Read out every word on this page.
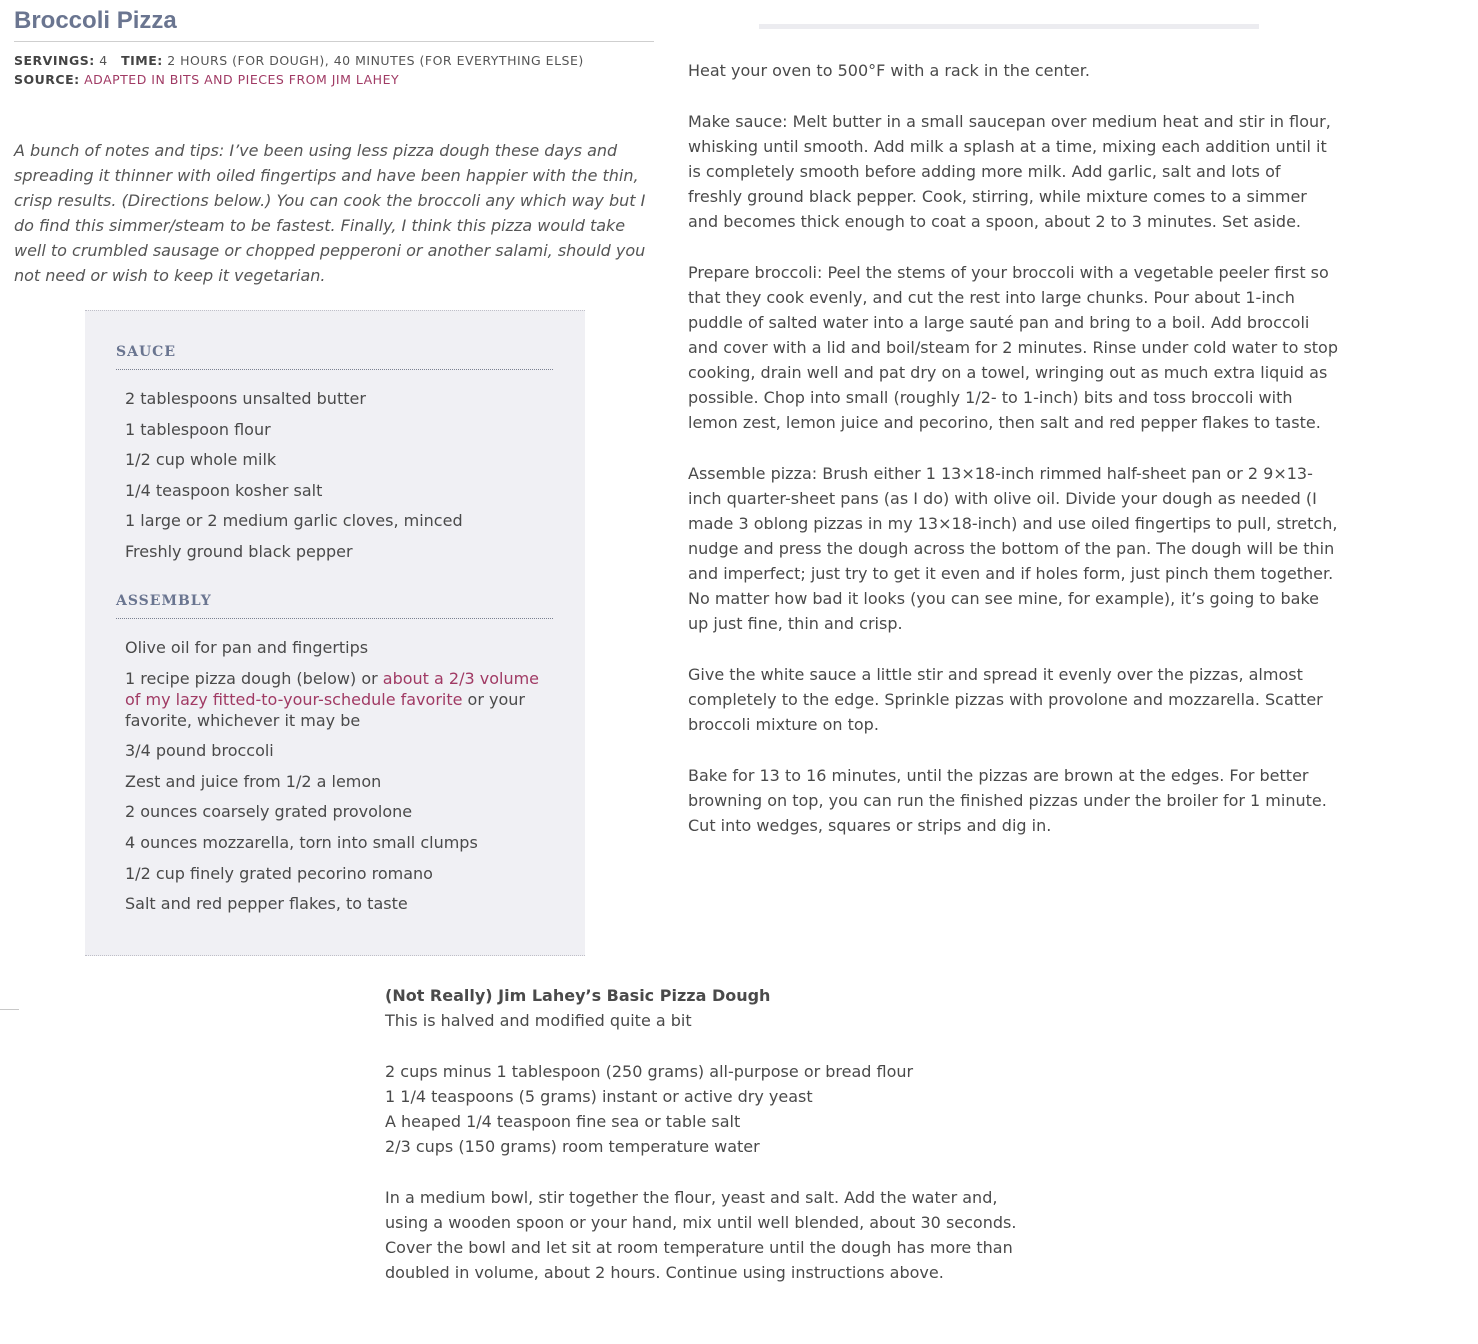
Broccoli Pizza
SERVINGS: 4 TIME: 2 HOURS (FOR DOUGH), 40 MINUTES (FOR EVERYTHING ELSE)   SOURCE: ADAPTED IN BITS AND PIECES FROM JIM LAHEY
A bunch of notes and tips: I’ve been using less pizza dough these days and spreading it thinner with oiled fingertips and have been happier with the thin, crisp results. (Directions below.) You can cook the broccoli any which way but I do find this simmer/steam to be fastest. Finally, I think this pizza would take well to crumbled sausage or chopped pepperoni or another salami, should you not need or wish to keep it vegetarian.
SAUCE
2 tablespoons unsalted butter
1 tablespoon flour
1/2 cup whole milk
1/4 teaspoon kosher salt
1 large or 2 medium garlic cloves, minced
Freshly ground black pepper
ASSEMBLY
Olive oil for pan and fingertips
1 recipe pizza dough (below) or about a 2/3 volume of my lazy fitted-to-your-schedule favorite or your favorite, whichever it may be
3/4 pound broccoli
Zest and juice from 1/2 a lemon
2 ounces coarsely grated provolone
4 ounces mozzarella, torn into small clumps
1/2 cup finely grated pecorino romano
Salt and red pepper flakes, to taste

Heat your oven to 500°F with a rack in the center.

Make sauce: Melt butter in a small saucepan over medium heat and stir in flour, whisking until smooth. Add milk a splash at a time, mixing each addition until it is completely smooth before adding more milk. Add garlic, salt and lots of freshly ground black pepper. Cook, stirring, while mixture comes to a simmer and becomes thick enough to coat a spoon, about 2 to 3 minutes. Set aside.

Prepare broccoli: Peel the stems of your broccoli with a vegetable peeler first so that they cook evenly, and cut the rest into large chunks. Pour about 1-inch puddle of salted water into a large sauté pan and bring to a boil. Add broccoli and cover with a lid and boil/steam for 2 minutes. Rinse under cold water to stop cooking, drain well and pat dry on a towel, wringing out as much extra liquid as possible. Chop into small (roughly 1/2- to 1-inch) bits and toss broccoli with lemon zest, lemon juice and pecorino, then salt and red pepper flakes to taste.

Assemble pizza: Brush either 1 13×18-inch rimmed half-sheet pan or 2 9×13-inch quarter-sheet pans (as I do) with olive oil. Divide your dough as needed (I made 3 oblong pizzas in my 13×18-inch) and use oiled fingertips to pull, stretch, nudge and press the dough across the bottom of the pan. The dough will be thin and imperfect; just try to get it even and if holes form, just pinch them together. No matter how bad it looks (you can see mine, for example), it’s going to bake up just fine, thin and crisp.

Give the white sauce a little stir and spread it evenly over the pizzas, almost completely to the edge. Sprinkle pizzas with provolone and mozzarella. Scatter broccoli mixture on top.

Bake for 13 to 16 minutes, until the pizzas are brown at the edges. For better browning on top, you can run the finished pizzas under the broiler for 1 minute. Cut into wedges, squares or strips and dig in.

(Not Really) Jim Lahey’s Basic Pizza Dough
This is halved and modified quite a bit
2 cups minus 1 tablespoon (250 grams) all-purpose or bread flour
1 1/4 teaspoons (5 grams) instant or active dry yeast
A heaped 1/4 teaspoon fine sea or table salt
2/3 cups (150 grams) room temperature water
In a medium bowl, stir together the flour, yeast and salt. Add the water and, using a wooden spoon or your hand, mix until well blended, about 30 seconds. Cover the bowl and let sit at room temperature until the dough has more than doubled in volume, about 2 hours. Continue using instructions above.
